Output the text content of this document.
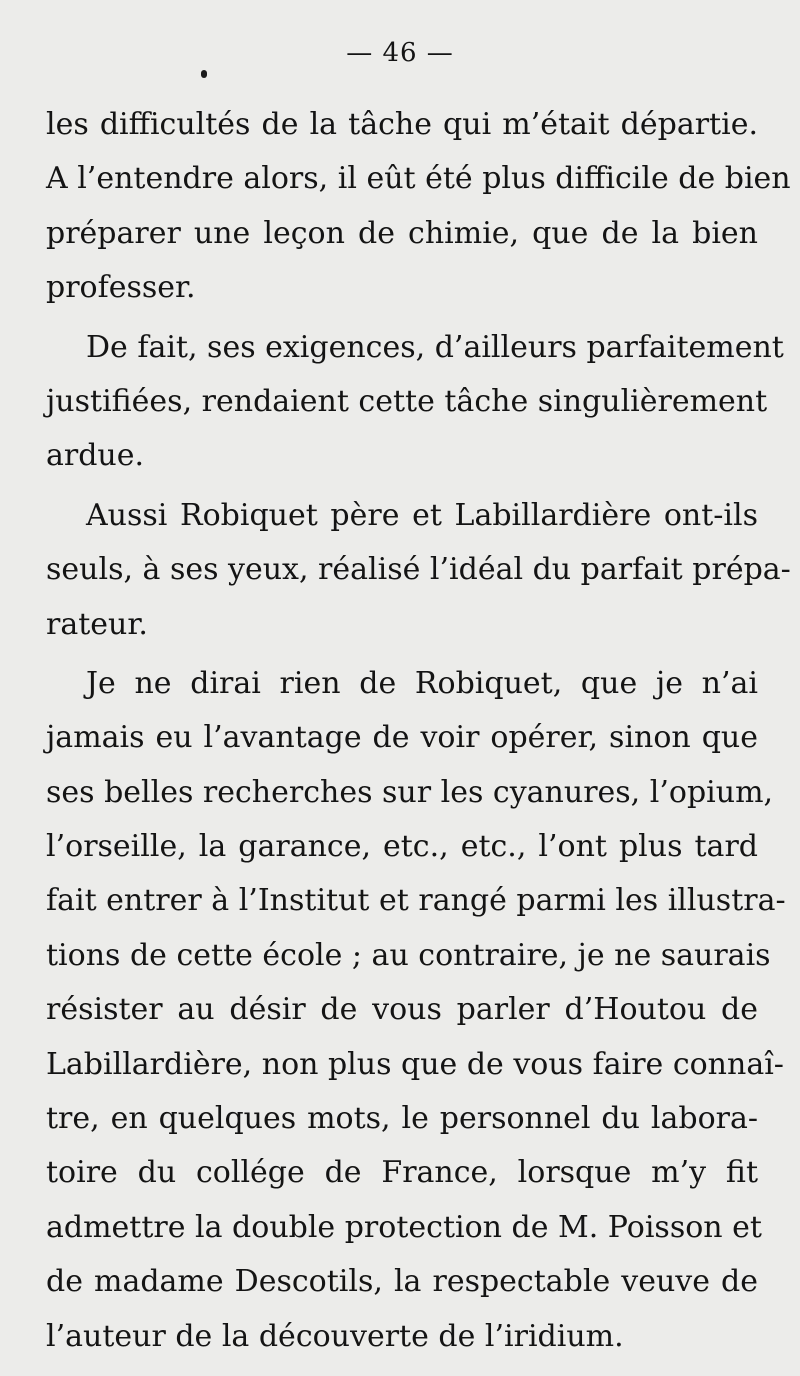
— 46 —
les difficultés de la tâche qui m’était départie.
A l’entendre alors, il eût été plus difficile de bien
préparer une leçon de chimie, que de la bien
professer.
De fait, ses exigences, d’ailleurs parfaitement
justifiées, rendaient cette tâche singulièrement
ardue.
Aussi Robiquet père et Labillardière ont-ils
seuls, à ses yeux, réalisé l’idéal du parfait prépa-
rateur.
Je ne dirai rien de Robiquet, que je n’ai
jamais eu l’avantage de voir opérer, sinon que
ses belles recherches sur les cyanures, l’opium,
l’orseille, la garance, etc., etc., l’ont plus tard
fait entrer à l’Institut et rangé parmi les illustra-
tions de cette école ; au contraire, je ne saurais
résister au désir de vous parler d’Houtou de
Labillardière, non plus que de vous faire connaî-
tre, en quelques mots, le personnel du labora-
toire du collége de France, lorsque m’y fit
admettre la double protection de M. Poisson et
de madame Descotils, la respectable veuve de
l’auteur de la découverte de l’iridium.
